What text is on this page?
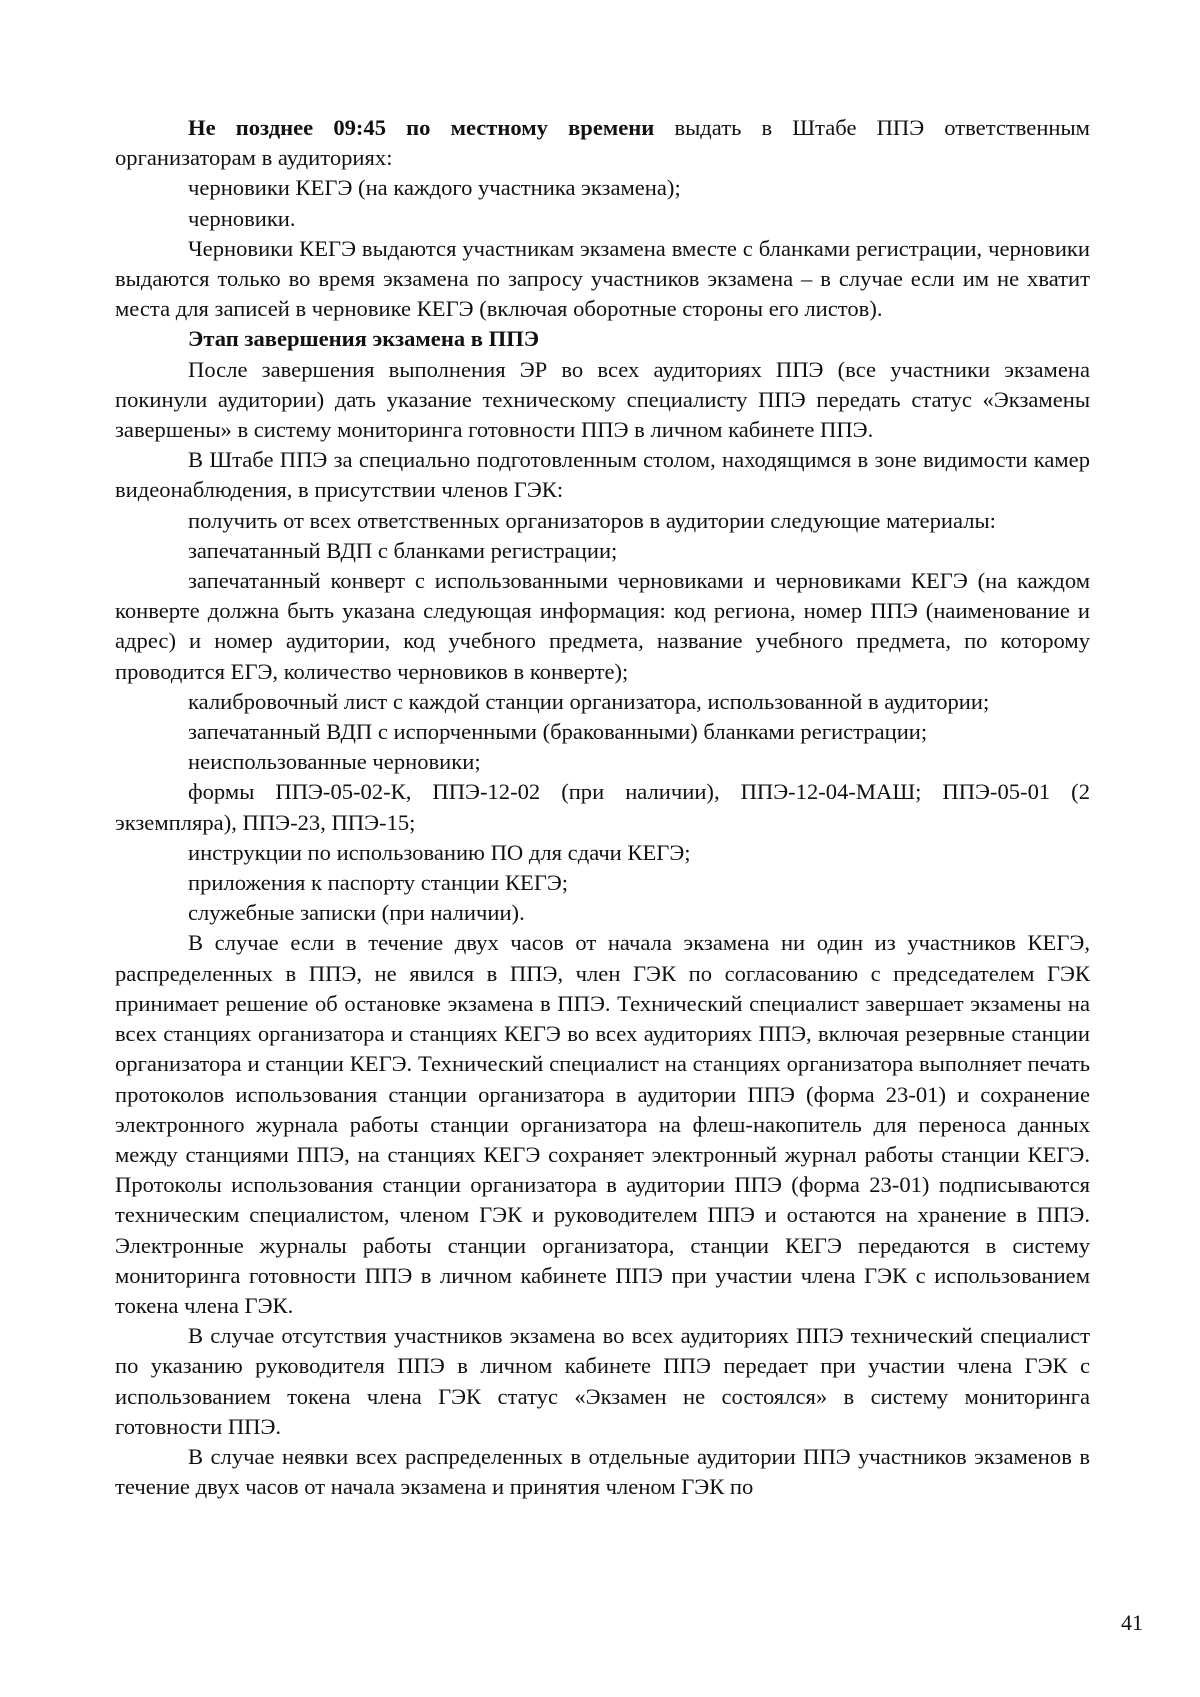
Не позднее 09:45 по местному времени выдать в Штабе ППЭ ответственным организаторам в аудиториях:

черновики КЕГЭ (на каждого участника экзамена);

черновики.

Черновики КЕГЭ выдаются участникам экзамена вместе с бланками регистрации, черновики выдаются только во время экзамена по запросу участников экзамена – в случае если им не хватит места для записей в черновике КЕГЭ (включая оборотные стороны его листов).

Этап завершения экзамена в ППЭ

После завершения выполнения ЭР во всех аудиториях ППЭ (все участники экзамена покинули аудитории) дать указание техническому специалисту ППЭ передать статус «Экзамены завершены» в систему мониторинга готовности ППЭ в личном кабинете ППЭ.

В Штабе ППЭ за специально подготовленным столом, находящимся в зоне видимости камер видеонаблюдения, в присутствии членов ГЭК:

получить от всех ответственных организаторов в аудитории следующие материалы:

запечатанный ВДП с бланками регистрации;

запечатанный конверт с использованными черновиками и черновиками КЕГЭ (на каждом конверте должна быть указана следующая информация: код региона, номер ППЭ (наименование и адрес) и номер аудитории, код учебного предмета, название учебного предмета, по которому проводится ЕГЭ, количество черновиков в конверте);

калибровочный лист с каждой станции организатора, использованной в аудитории;

запечатанный ВДП с испорченными (бракованными) бланками регистрации;

неиспользованные черновики;

формы ППЭ-05-02-К, ППЭ-12-02 (при наличии), ППЭ-12-04-МАШ; ППЭ-05-01 (2 экземпляра), ППЭ-23, ППЭ-15;

инструкции по использованию ПО для сдачи КЕГЭ;

приложения к паспорту станции КЕГЭ;

служебные записки (при наличии).

В случае если в течение двух часов от начала экзамена ни один из участников КЕГЭ, распределенных в ППЭ, не явился в ППЭ, член ГЭК по согласованию с председателем ГЭК принимает решение об остановке экзамена в ППЭ. Технический специалист завершает экзамены на всех станциях организатора и станциях КЕГЭ во всех аудиториях ППЭ, включая резервные станции организатора и станции КЕГЭ. Технический специалист на станциях организатора выполняет печать протоколов использования станции организатора в аудитории ППЭ (форма 23-01) и сохранение электронного журнала работы станции организатора на флеш-накопитель для переноса данных между станциями ППЭ, на станциях КЕГЭ сохраняет электронный журнал работы станции КЕГЭ. Протоколы использования станции организатора в аудитории ППЭ (форма 23-01) подписываются техническим специалистом, членом ГЭК и руководителем ППЭ и остаются на хранение в ППЭ. Электронные журналы работы станции организатора, станции КЕГЭ передаются в систему мониторинга готовности ППЭ в личном кабинете ППЭ при участии члена ГЭК с использованием токена члена ГЭК.

В случае отсутствия участников экзамена во всех аудиториях ППЭ технический специалист по указанию руководителя ППЭ в личном кабинете ППЭ передает при участии члена ГЭК с использованием токена члена ГЭК статус «Экзамен не состоялся» в систему мониторинга готовности ППЭ.

В случае неявки всех распределенных в отдельные аудитории ППЭ участников экзаменов в течение двух часов от начала экзамена и принятия членом ГЭК по

41
